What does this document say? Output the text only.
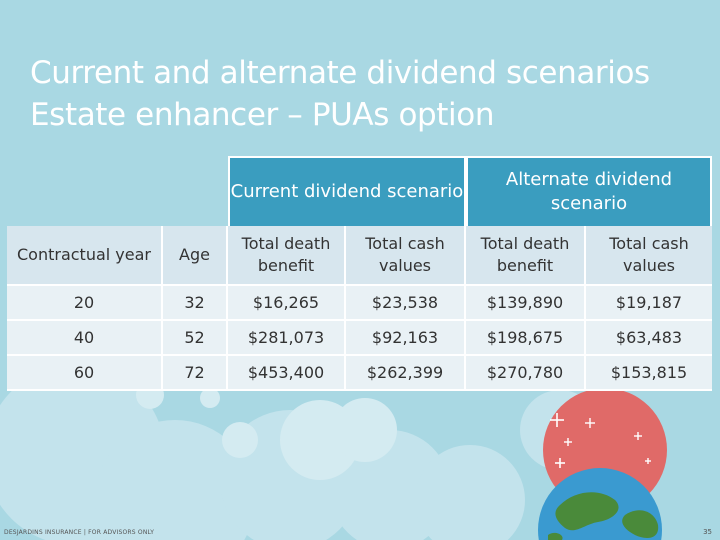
Current and alternate dividend scenarios
Estate enhancer – PUAs option
		Current dividend scenario		Alternate dividend scenario	
Contractual year	Age	Total death benefit	Total cash values	Total death benefit	Total cash values
20	32	$16,265	$23,538	$139,890	$19,187
40	52	$281,073	$92,163	$198,675	$63,483
60	72	$453,400	$262,399	$270,780	$153,815
DESJARDINS INSURANCE | FOR ADVISORS ONLY	35
